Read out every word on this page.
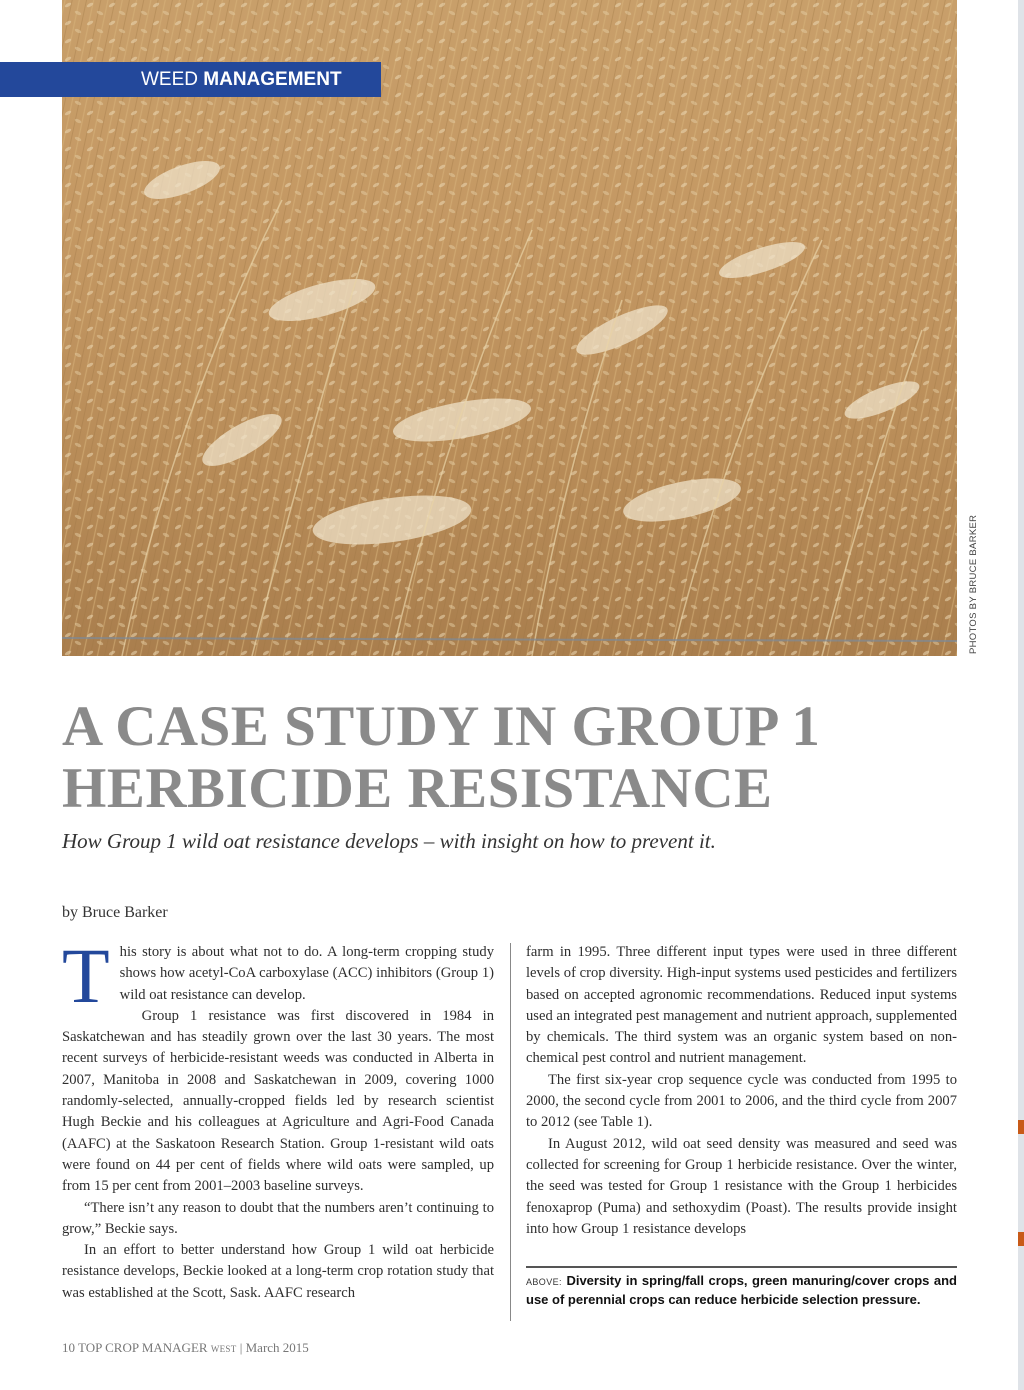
PHOTOS BY BRUCE BARKER
WEED MANAGEMENT
A CASE STUDY IN GROUP 1
HERBICIDE RESISTANCE
How Group 1 wild oat resistance develops – with insight on how to prevent it.
by Bruce Barker

This story is about what not to do. A long-term cropping study shows how acetyl-CoA carboxylase (ACC) inhibitors (Group 1) wild oat resistance can develop.

Group 1 resistance was first discovered in 1984 in Saskatchewan and has steadily grown over the last 30 years. The most recent surveys of herbicide-resistant weeds was conducted in Alberta in 2007, Manitoba in 2008 and Saskatchewan in 2009, covering 1000 randomly-selected, annually-cropped fields led by research scientist Hugh Beckie and his colleagues at Agriculture and Agri-Food Canada (AAFC) at the Saskatoon Research Station. Group 1-resistant wild oats were found on 44 per cent of fields where wild oats were sampled, up from 15 per cent from 2001–2003 baseline surveys.

“There isn’t any reason to doubt that the numbers aren’t continuing to grow,” Beckie says.

In an effort to better understand how Group 1 wild oat herbicide resistance develops, Beckie looked at a long-term crop rotation study that was established at the Scott, Sask. AAFC research

farm in 1995. Three different input types were used in three different levels of crop diversity. High-input systems used pesticides and fertilizers based on accepted agronomic recommendations. Reduced input systems used an integrated pest management and nutrient approach, supplemented by chemicals. The third system was an organic system based on non-chemical pest control and nutrient management.

The first six-year crop sequence cycle was conducted from 1995 to 2000, the second cycle from 2001 to 2006, and the third cycle from 2007 to 2012 (see Table 1).

In August 2012, wild oat seed density was measured and seed was collected for screening for Group 1 herbicide resistance. Over the winter, the seed was tested for Group 1 resistance with the Group 1 herbicides fenoxaprop (Puma) and sethoxydim (Poast). The results provide insight into how Group 1 resistance develops

ABOVE: Diversity in spring/fall crops, green manuring/cover crops and use of perennial crops can reduce herbicide selection pressure.
10 TOP CROP MANAGER WEST | March 2015
